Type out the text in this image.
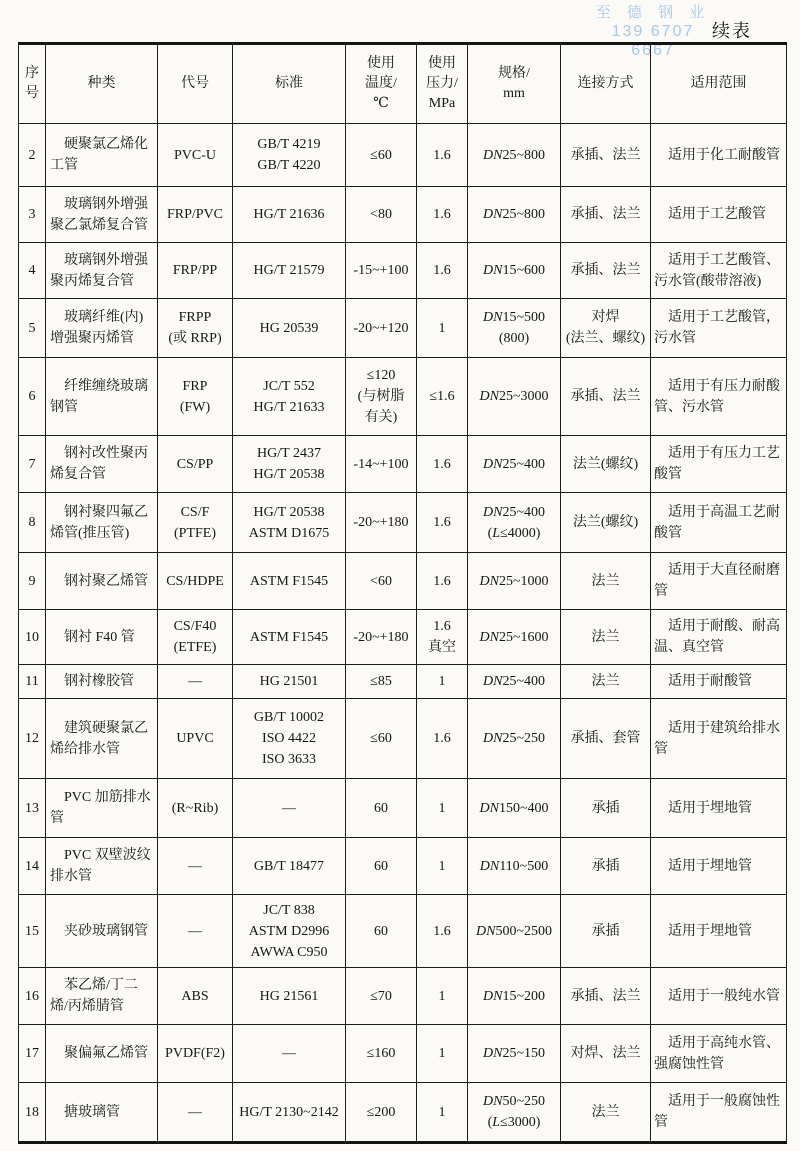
至 德 钢 业
139 6707 6667
续表
序
号	种类	代号	标准	使用
温度/
℃	使用
压力/
MPa	规格/
mm	连接方式	适用范围
2	硬聚氯乙烯化工管	PVC-U	GB/T 4219
GB/T 4220	≤60	1.6	DN25~800	承插、法兰	适用于化工耐酸管
3	玻璃钢外增强聚乙氯烯复合管	FRP/PVC	HG/T 21636	<80	1.6	DN25~800	承插、法兰	适用于工艺酸管
4	玻璃钢外增强聚丙烯复合管	FRP/PP	HG/T 21579	-15~+100	1.6	DN15~600	承插、法兰	适用于工艺酸管、污水管(酸带溶液)
5	玻璃纤维(内)增强聚丙烯管	FRPP
(或 RRP)	HG 20539	-20~+120	1	DN15~500
(800)	对焊
(法兰、螺纹)	适用于工艺酸管，污水管
6	纤维缠绕玻璃钢管	FRP
(FW)	JC/T 552
HG/T 21633	≤120
(与树脂
有关)	≤1.6	DN25~3000	承插、法兰	适用于有压力耐酸管、污水管
7	钢衬改性聚丙烯复合管	CS/PP	HG/T 2437
HG/T 20538	-14~+100	1.6	DN25~400	法兰(螺纹)	适用于有压力工艺酸管
8	钢衬聚四氟乙烯管(推压管)	CS/F
(PTFE)	HG/T 20538
ASTM D1675	-20~+180	1.6	DN25~400
(L≤4000)	法兰(螺纹)	适用于高温工艺耐酸管
9	钢衬聚乙烯管	CS/HDPE	ASTM F1545	<60	1.6	DN25~1000	法兰	适用于大直径耐磨管
10	钢衬 F40 管	CS/F40
(ETFE)	ASTM F1545	-20~+180	1.6
真空	DN25~1600	法兰	适用于耐酸、耐高温、真空管
11	钢衬橡胶管	—	HG 21501	≤85	1	DN25~400	法兰	适用于耐酸管
12	建筑硬聚氯乙烯给排水管	UPVC	GB/T 10002
ISO 4422
ISO 3633	≤60	1.6	DN25~250	承插、套管	适用于建筑给排水管
13	PVC 加筋排水管	(R~Rib)	—	60	1	DN150~400	承插	适用于埋地管
14	PVC 双壁波纹排水管	—	GB/T 18477	60	1	DN110~500	承插	适用于埋地管
15	夹砂玻璃钢管	—	JC/T 838
ASTM D2996
AWWA C950	60	1.6	DN500~2500	承插	适用于埋地管
16	苯乙烯/丁二烯/丙烯腈管	ABS	HG 21561	≤70	1	DN15~200	承插、法兰	适用于一般纯水管
17	聚偏氟乙烯管	PVDF(F2)	—	≤160	1	DN25~150	对焊、法兰	适用于高纯水管、强腐蚀性管
18	搪玻璃管	—	HG/T 2130~2142	≤200	1	DN50~250
(L≤3000)	法兰	适用于一般腐蚀性管
